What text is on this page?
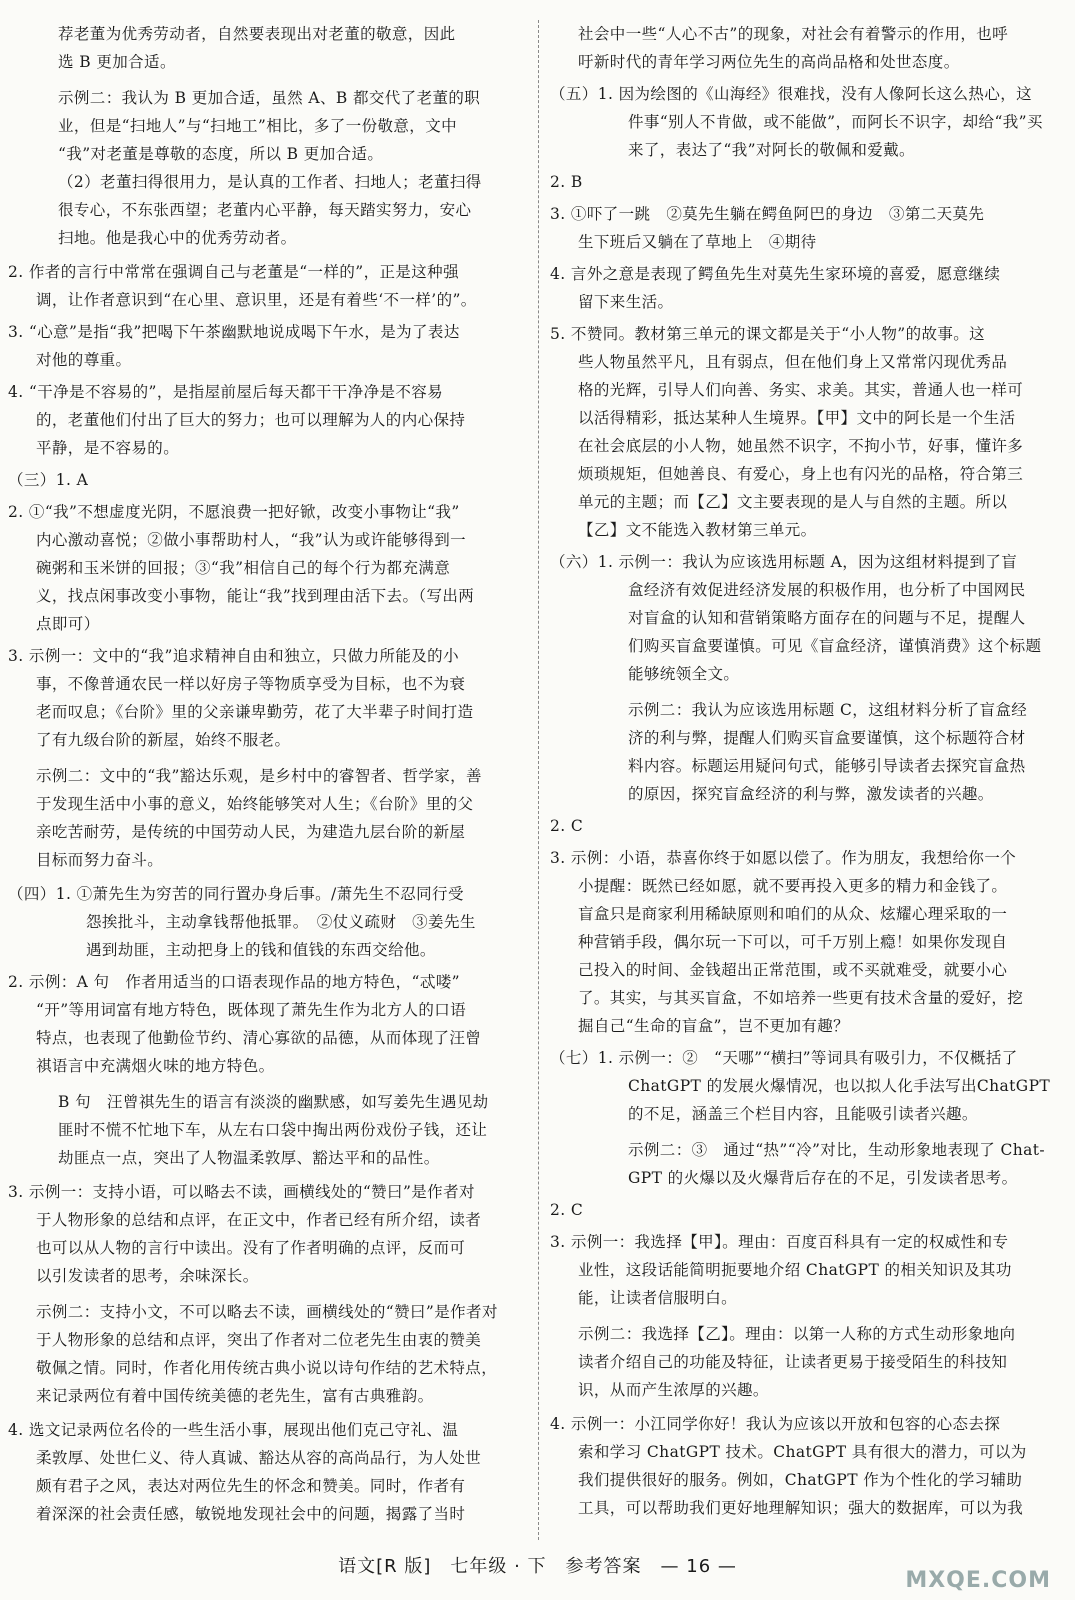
荐老董为优秀劳动者，自然要表现出对老董的敬意，因此
选 B 更加合适。
示例二：我认为 B 更加合适，虽然 A、B 都交代了老董的职
业，但是“扫地人”与“扫地工”相比，多了一份敬意，文中
“我”对老董是尊敬的态度，所以 B 更加合适。
（2）老董扫得很用力，是认真的工作者、扫地人；老董扫得
很专心，不东张西望；老董内心平静，每天踏实努力，安心
扫地。他是我心中的优秀劳动者。
2. 作者的言行中常常在强调自己与老董是“一样的”，正是这种强
调，让作者意识到“在心里、意识里，还是有着些‘不一样’的”。
3. “心意”是指“我”把喝下午茶幽默地说成喝下午水，是为了表达
对他的尊重。
4. “干净是不容易的”，是指屋前屋后每天都干干净净是不容易
的，老董他们付出了巨大的努力；也可以理解为人的内心保持
平静，是不容易的。
（三）1. A
2. ①“我”不想虚度光阴，不愿浪费一把好锨，改变小事物让“我”
内心激动喜悦；②做小事帮助村人，“我”认为或许能够得到一
碗粥和玉米饼的回报；③“我”相信自己的每个行为都充满意
义，找点闲事改变小事物，能让“我”找到理由活下去。（写出两
点即可）
3. 示例一：文中的“我”追求精神自由和独立，只做力所能及的小
事，不像普通农民一样以好房子等物质享受为目标，也不为衰
老而叹息；《台阶》里的父亲谦卑勤劳，花了大半辈子时间打造
了有九级台阶的新屋，始终不服老。
示例二：文中的“我”豁达乐观，是乡村中的睿智者、哲学家，善
于发现生活中小事的意义，始终能够笑对人生；《台阶》里的父
亲吃苦耐劳，是传统的中国劳动人民，为建造九层台阶的新屋
目标而努力奋斗。
（四）1. ①萧先生为穷苦的同行置办身后事。/萧先生不忍同行受
怨挨批斗，主动拿钱帮他抵罪。　②仗义疏财　③姜先生
遇到劫匪，主动把身上的钱和值钱的东西交给他。
2. 示例：A 句　作者用适当的口语表现作品的地方特色，“忒喽”
“开”等用词富有地方特色，既体现了萧先生作为北方人的口语
特点，也表现了他勤俭节约、清心寡欲的品德，从而体现了汪曾
祺语言中充满烟火味的地方特色。
B 句　汪曾祺先生的语言有淡淡的幽默感，如写姜先生遇见劫
匪时不慌不忙地下车，从左右口袋中掏出两份戏份子钱，还让
劫匪点一点，突出了人物温柔敦厚、豁达平和的品性。
3. 示例一：支持小语，可以略去不读，画横线处的“赞曰”是作者对
于人物形象的总结和点评，在正文中，作者已经有所介绍，读者
也可以从人物的言行中读出。没有了作者明确的点评，反而可
以引发读者的思考，余味深长。
示例二：支持小文，不可以略去不读，画横线处的“赞曰”是作者对
于人物形象的总结和点评，突出了作者对二位老先生由衷的赞美
敬佩之情。同时，作者化用传统古典小说以诗句作结的艺术特点，
来记录两位有着中国传统美德的老先生，富有古典雅韵。
4. 选文记录两位名伶的一些生活小事，展现出他们克己守礼、温
柔敦厚、处世仁义、待人真诚、豁达从容的高尚品行，为人处世
颇有君子之风，表达对两位先生的怀念和赞美。同时，作者有
着深深的社会责任感，敏锐地发现社会中的问题，揭露了当时
社会中一些“人心不古”的现象，对社会有着警示的作用，也呼
吁新时代的青年学习两位先生的高尚品格和处世态度。
（五）1. 因为绘图的《山海经》很难找，没有人像阿长这么热心，这
件事“别人不肯做，或不能做”，而阿长不识字，却给“我”买
来了，表达了“我”对阿长的敬佩和爱戴。
2. B
3. ①吓了一跳　②莫先生躺在鳄鱼阿巴的身边　③第二天莫先
生下班后又躺在了草地上　④期待
4. 言外之意是表现了鳄鱼先生对莫先生家环境的喜爱，愿意继续
留下来生活。
5. 不赞同。教材第三单元的课文都是关于“小人物”的故事。这
些人物虽然平凡，且有弱点，但在他们身上又常常闪现优秀品
格的光辉，引导人们向善、务实、求美。其实，普通人也一样可
以活得精彩，抵达某种人生境界。【甲】文中的阿长是一个生活
在社会底层的小人物，她虽然不识字，不拘小节，好事，懂许多
烦琐规矩，但她善良、有爱心，身上也有闪光的品格，符合第三
单元的主题；而【乙】文主要表现的是人与自然的主题。所以
【乙】文不能选入教材第三单元。
（六）1. 示例一：我认为应该选用标题 A，因为这组材料提到了盲
盒经济有效促进经济发展的积极作用，也分析了中国网民
对盲盒的认知和营销策略方面存在的问题与不足，提醒人
们购买盲盒要谨慎。可见《盲盒经济，谨慎消费》这个标题
能够统领全文。
示例二：我认为应该选用标题 C，这组材料分析了盲盒经
济的利与弊，提醒人们购买盲盒要谨慎，这个标题符合材
料内容。标题运用疑问句式，能够引导读者去探究盲盒热
的原因，探究盲盒经济的利与弊，激发读者的兴趣。
2. C
3. 示例：小语，恭喜你终于如愿以偿了。作为朋友，我想给你一个
小提醒：既然已经如愿，就不要再投入更多的精力和金钱了。
盲盒只是商家利用稀缺原则和咱们的从众、炫耀心理采取的一
种营销手段，偶尔玩一下可以，可千万别上瘾！如果你发现自
己投入的时间、金钱超出正常范围，或不买就难受，就要小心
了。其实，与其买盲盒，不如培养一些更有技术含量的爱好，挖
掘自己“生命的盲盒”，岂不更加有趣？
（七）1. 示例一：②　“天哪”“横扫”等词具有吸引力，不仅概括了
ChatGPT 的发展火爆情况，也以拟人化手法写出ChatGPT
的不足，涵盖三个栏目内容，且能吸引读者兴趣。
示例二：③　通过“热”“冷”对比，生动形象地表现了 Chat-
GPT 的火爆以及火爆背后存在的不足，引发读者思考。
2. C
3. 示例一：我选择【甲】。理由：百度百科具有一定的权威性和专
业性，这段话能简明扼要地介绍 ChatGPT 的相关知识及其功
能，让读者信服明白。
示例二：我选择【乙】。理由：以第一人称的方式生动形象地向
读者介绍自己的功能及特征，让读者更易于接受陌生的科技知
识，从而产生浓厚的兴趣。
4. 示例一：小江同学你好！我认为应该以开放和包容的心态去探
索和学习 ChatGPT 技术。ChatGPT 具有很大的潜力，可以为
我们提供很好的服务。例如，ChatGPT 作为个性化的学习辅助
工具，可以帮助我们更好地理解知识；强大的数据库，可以为我
语文[R 版]　七年级 · 下　参考答案　— 16 —
MXQE.COM
